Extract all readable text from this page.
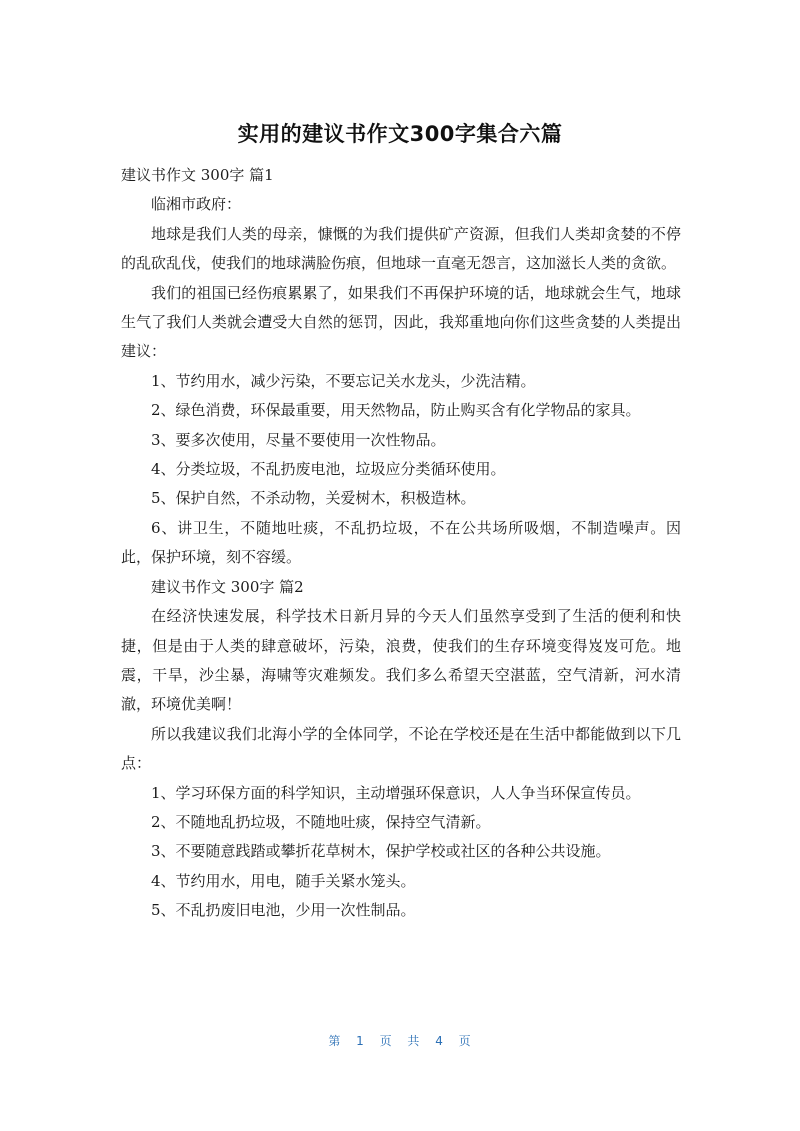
实用的建议书作文300字集合六篇

建议书作文 300字 篇1

临湘市政府：

地球是我们人类的母亲，慷慨的为我们提供矿产资源，但我们人类却贪婪的不停的乱砍乱伐，使我们的地球满脸伤痕，但地球一直毫无怨言，这加滋长人类的贪欲。

我们的祖国已经伤痕累累了，如果我们不再保护环境的话，地球就会生气，地球生气了我们人类就会遭受大自然的惩罚，因此，我郑重地向你们这些贪婪的人类提出建议：

1、节约用水，减少污染，不要忘记关水龙头，少洗洁精。

2、绿色消费，环保最重要，用天然物品，防止购买含有化学物品的家具。

3、要多次使用，尽量不要使用一次性物品。

4、分类垃圾，不乱扔废电池，垃圾应分类循环使用。

5、保护自然，不杀动物，关爱树木，积极造林。

6、讲卫生，不随地吐痰，不乱扔垃圾，不在公共场所吸烟，不制造噪声。因此，保护环境，刻不容缓。

建议书作文 300字 篇2

在经济快速发展，科学技术日新月异的今天人们虽然享受到了生活的便利和快捷，但是由于人类的肆意破坏，污染，浪费，使我们的生存环境变得岌岌可危。地震，干旱，沙尘暴，海啸等灾难频发。我们多么希望天空湛蓝，空气清新，河水清澈，环境优美啊！

所以我建议我们北海小学的全体同学，不论在学校还是在生活中都能做到以下几点：

1、学习环保方面的科学知识，主动增强环保意识，人人争当环保宣传员。

2、不随地乱扔垃圾，不随地吐痰，保持空气清新。

3、不要随意践踏或攀折花草树木，保护学校或社区的各种公共设施。

4、节约用水，用电，随手关紧水笼头。

5、不乱扔废旧电池，少用一次性制品。

第 1 页 共 4 页
